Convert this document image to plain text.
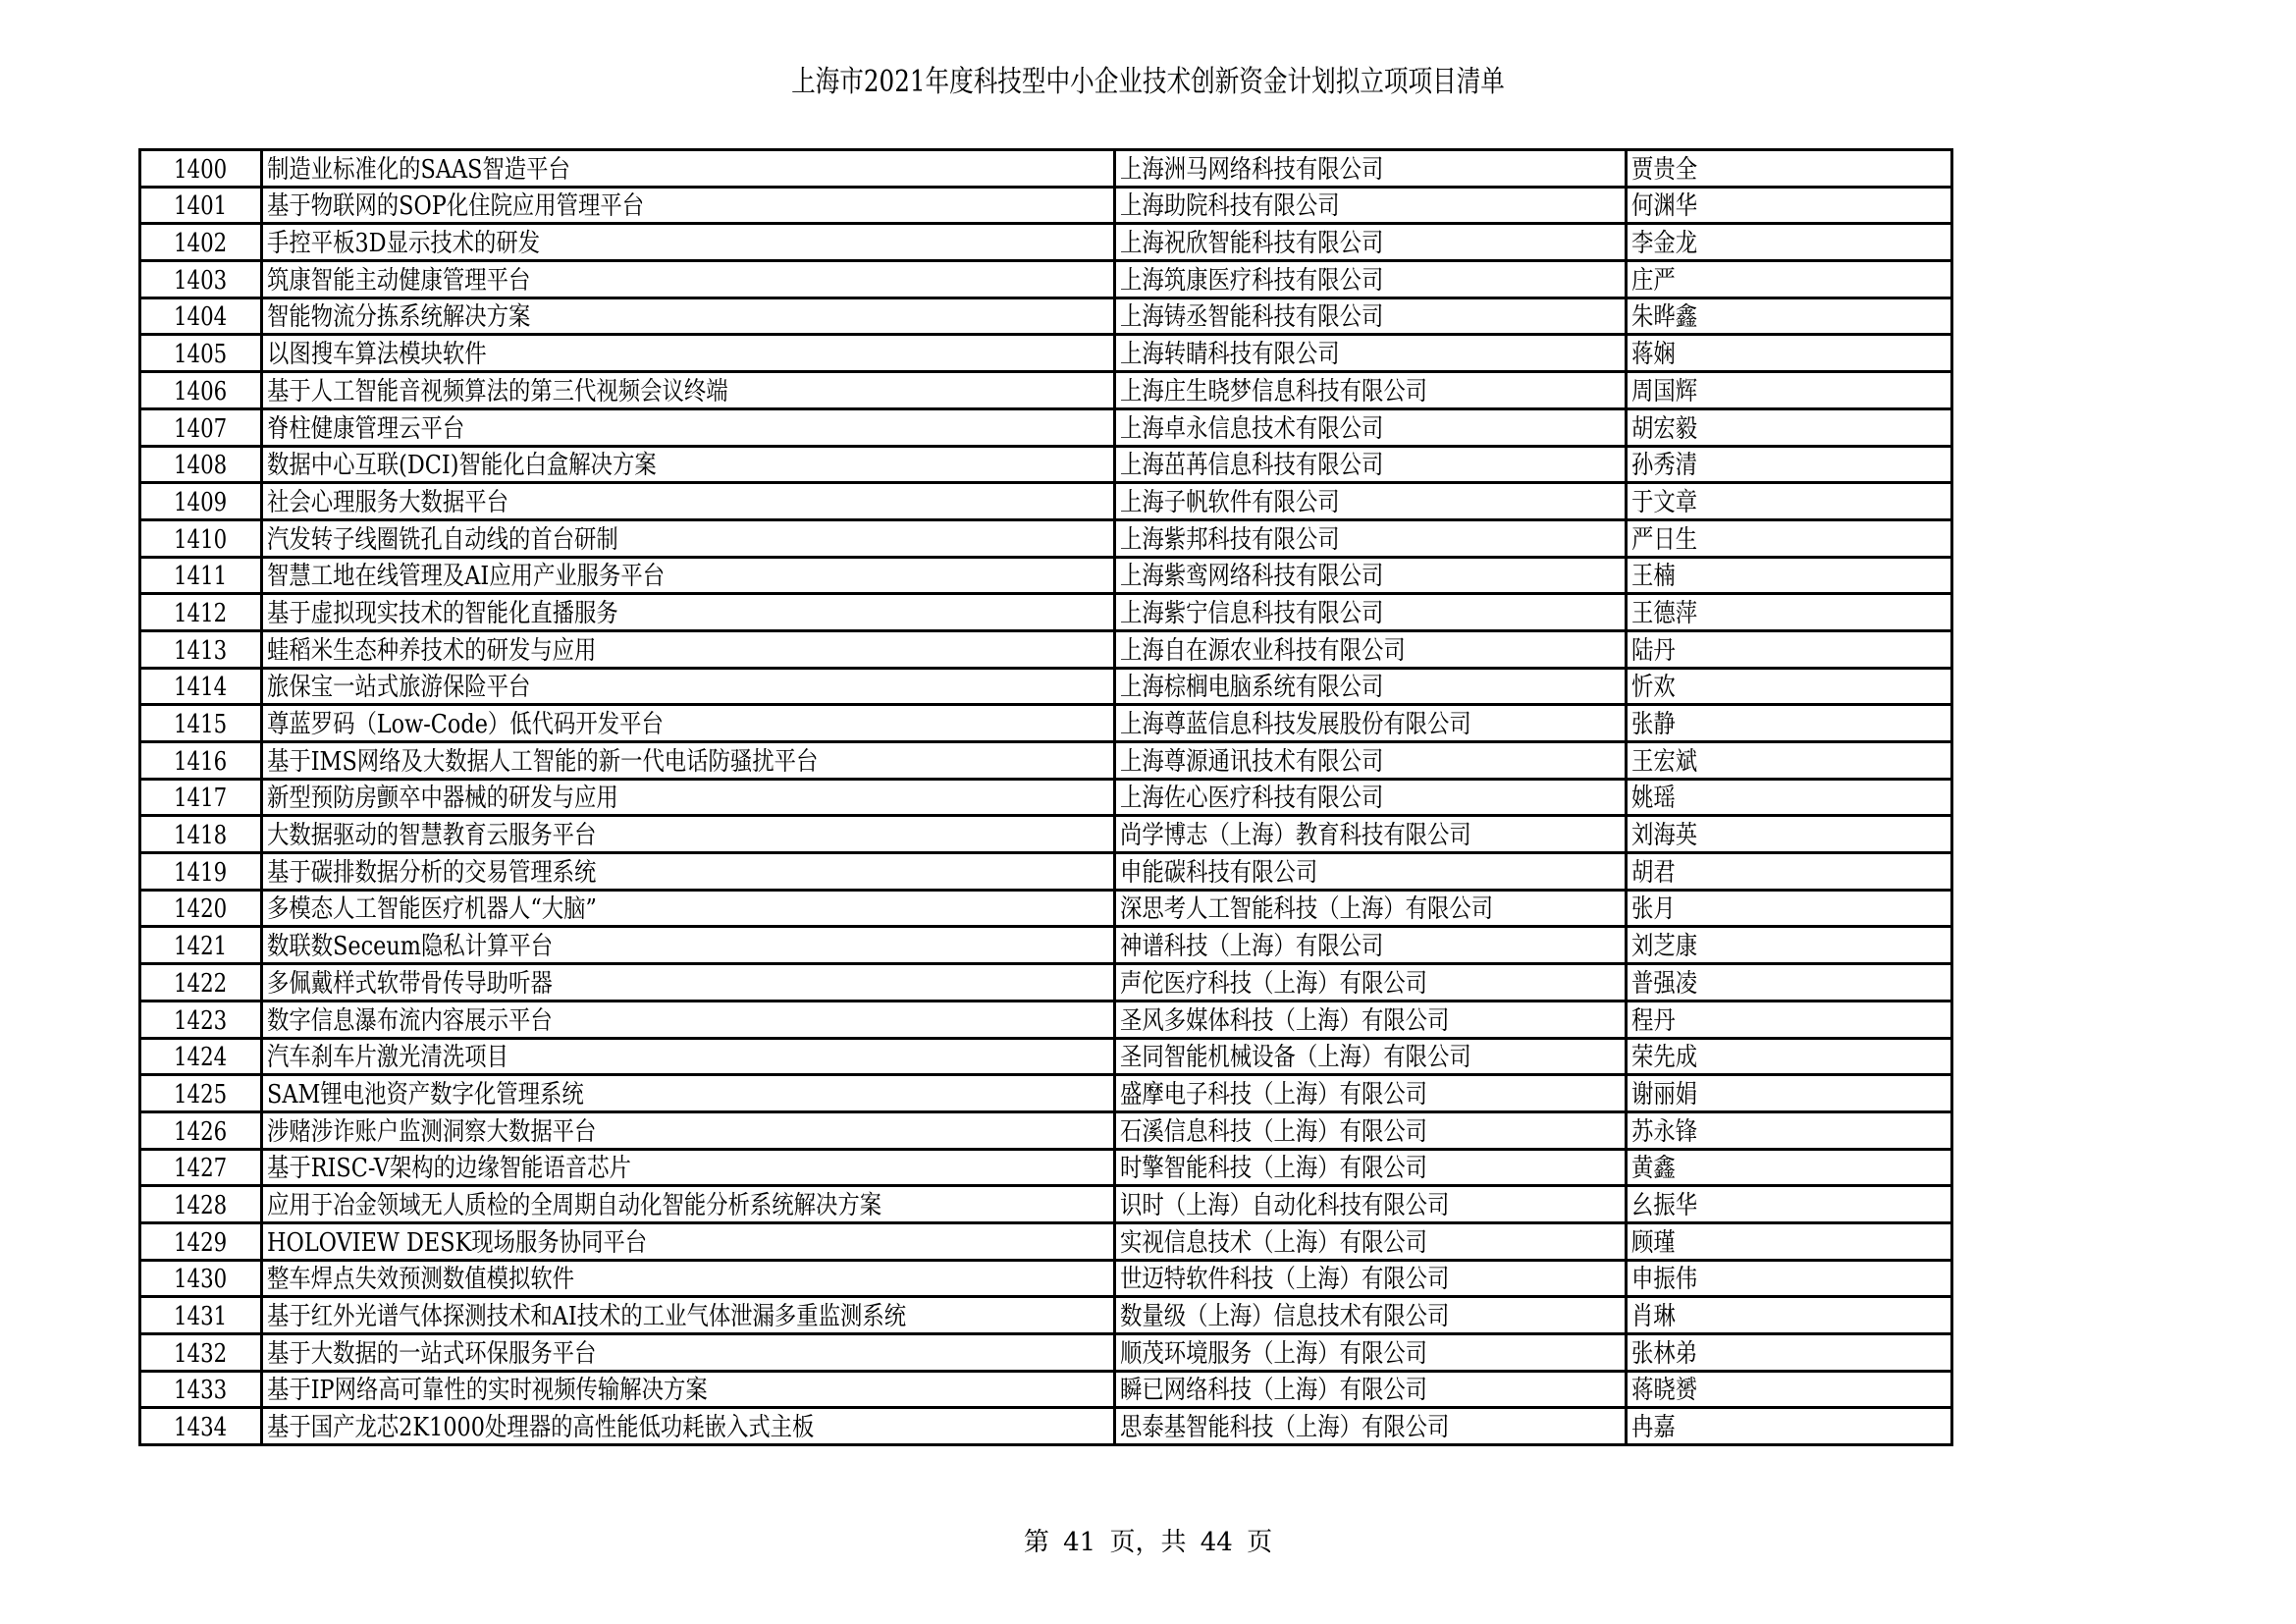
上海市2021年度科技型中小企业技术创新资金计划拟立项项目清单
1400	制造业标准化的SAAS智造平台	上海洲马网络科技有限公司	贾贵全
1401	基于物联网的SOP化住院应用管理平台	上海助院科技有限公司	何渊华
1402	手控平板3D显示技术的研发	上海祝欣智能科技有限公司	李金龙
1403	筑康智能主动健康管理平台	上海筑康医疗科技有限公司	庄严
1404	智能物流分拣系统解决方案	上海铸丞智能科技有限公司	朱晔鑫
1405	以图搜车算法模块软件	上海转睛科技有限公司	蒋娴
1406	基于人工智能音视频算法的第三代视频会议终端	上海庄生晓梦信息科技有限公司	周国辉
1407	脊柱健康管理云平台	上海卓永信息技术有限公司	胡宏毅
1408	数据中心互联(DCI)智能化白盒解决方案	上海茁苒信息科技有限公司	孙秀清
1409	社会心理服务大数据平台	上海子帆软件有限公司	于文章
1410	汽发转子线圈铣孔自动线的首台研制	上海紫邦科技有限公司	严日生
1411	智慧工地在线管理及AI应用产业服务平台	上海紫鸾网络科技有限公司	王楠
1412	基于虚拟现实技术的智能化直播服务	上海紫宁信息科技有限公司	王德萍
1413	蛙稻米生态种养技术的研发与应用	上海自在源农业科技有限公司	陆丹
1414	旅保宝一站式旅游保险平台	上海棕榈电脑系统有限公司	忻欢
1415	尊蓝罗码（Low-Code）低代码开发平台	上海尊蓝信息科技发展股份有限公司	张静
1416	基于IMS网络及大数据人工智能的新一代电话防骚扰平台	上海尊源通讯技术有限公司	王宏斌
1417	新型预防房颤卒中器械的研发与应用	上海佐心医疗科技有限公司	姚瑶
1418	大数据驱动的智慧教育云服务平台	尚学博志（上海）教育科技有限公司	刘海英
1419	基于碳排数据分析的交易管理系统	申能碳科技有限公司	胡君
1420	多模态人工智能医疗机器人“大脑”	深思考人工智能科技（上海）有限公司	张月
1421	数联数Seceum隐私计算平台	神谱科技（上海）有限公司	刘芝康
1422	多佩戴样式软带骨传导助听器	声佗医疗科技（上海）有限公司	普强凌
1423	数字信息瀑布流内容展示平台	圣风多媒体科技（上海）有限公司	程丹
1424	汽车刹车片激光清洗项目	圣同智能机械设备（上海）有限公司	荣先成
1425	SAM锂电池资产数字化管理系统	盛摩电子科技（上海）有限公司	谢丽娟
1426	涉赌涉诈账户监测洞察大数据平台	石溪信息科技（上海）有限公司	苏永锋
1427	基于RISC-V架构的边缘智能语音芯片	时擎智能科技（上海）有限公司	黄鑫
1428	应用于冶金领域无人质检的全周期自动化智能分析系统解决方案	识时（上海）自动化科技有限公司	幺振华
1429	HOLOVIEW DESK现场服务协同平台	实视信息技术（上海）有限公司	顾瑾
1430	整车焊点失效预测数值模拟软件	世迈特软件科技（上海）有限公司	申振伟
1431	基于红外光谱气体探测技术和AI技术的工业气体泄漏多重监测系统	数量级（上海）信息技术有限公司	肖琳
1432	基于大数据的一站式环保服务平台	顺茂环境服务（上海）有限公司	张林弟
1433	基于IP网络高可靠性的实时视频传输解决方案	瞬已网络科技（上海）有限公司	蒋晓赟
1434	基于国产龙芯2K1000处理器的高性能低功耗嵌入式主板	思泰基智能科技（上海）有限公司	冉嘉
第 41 页，共 44 页
